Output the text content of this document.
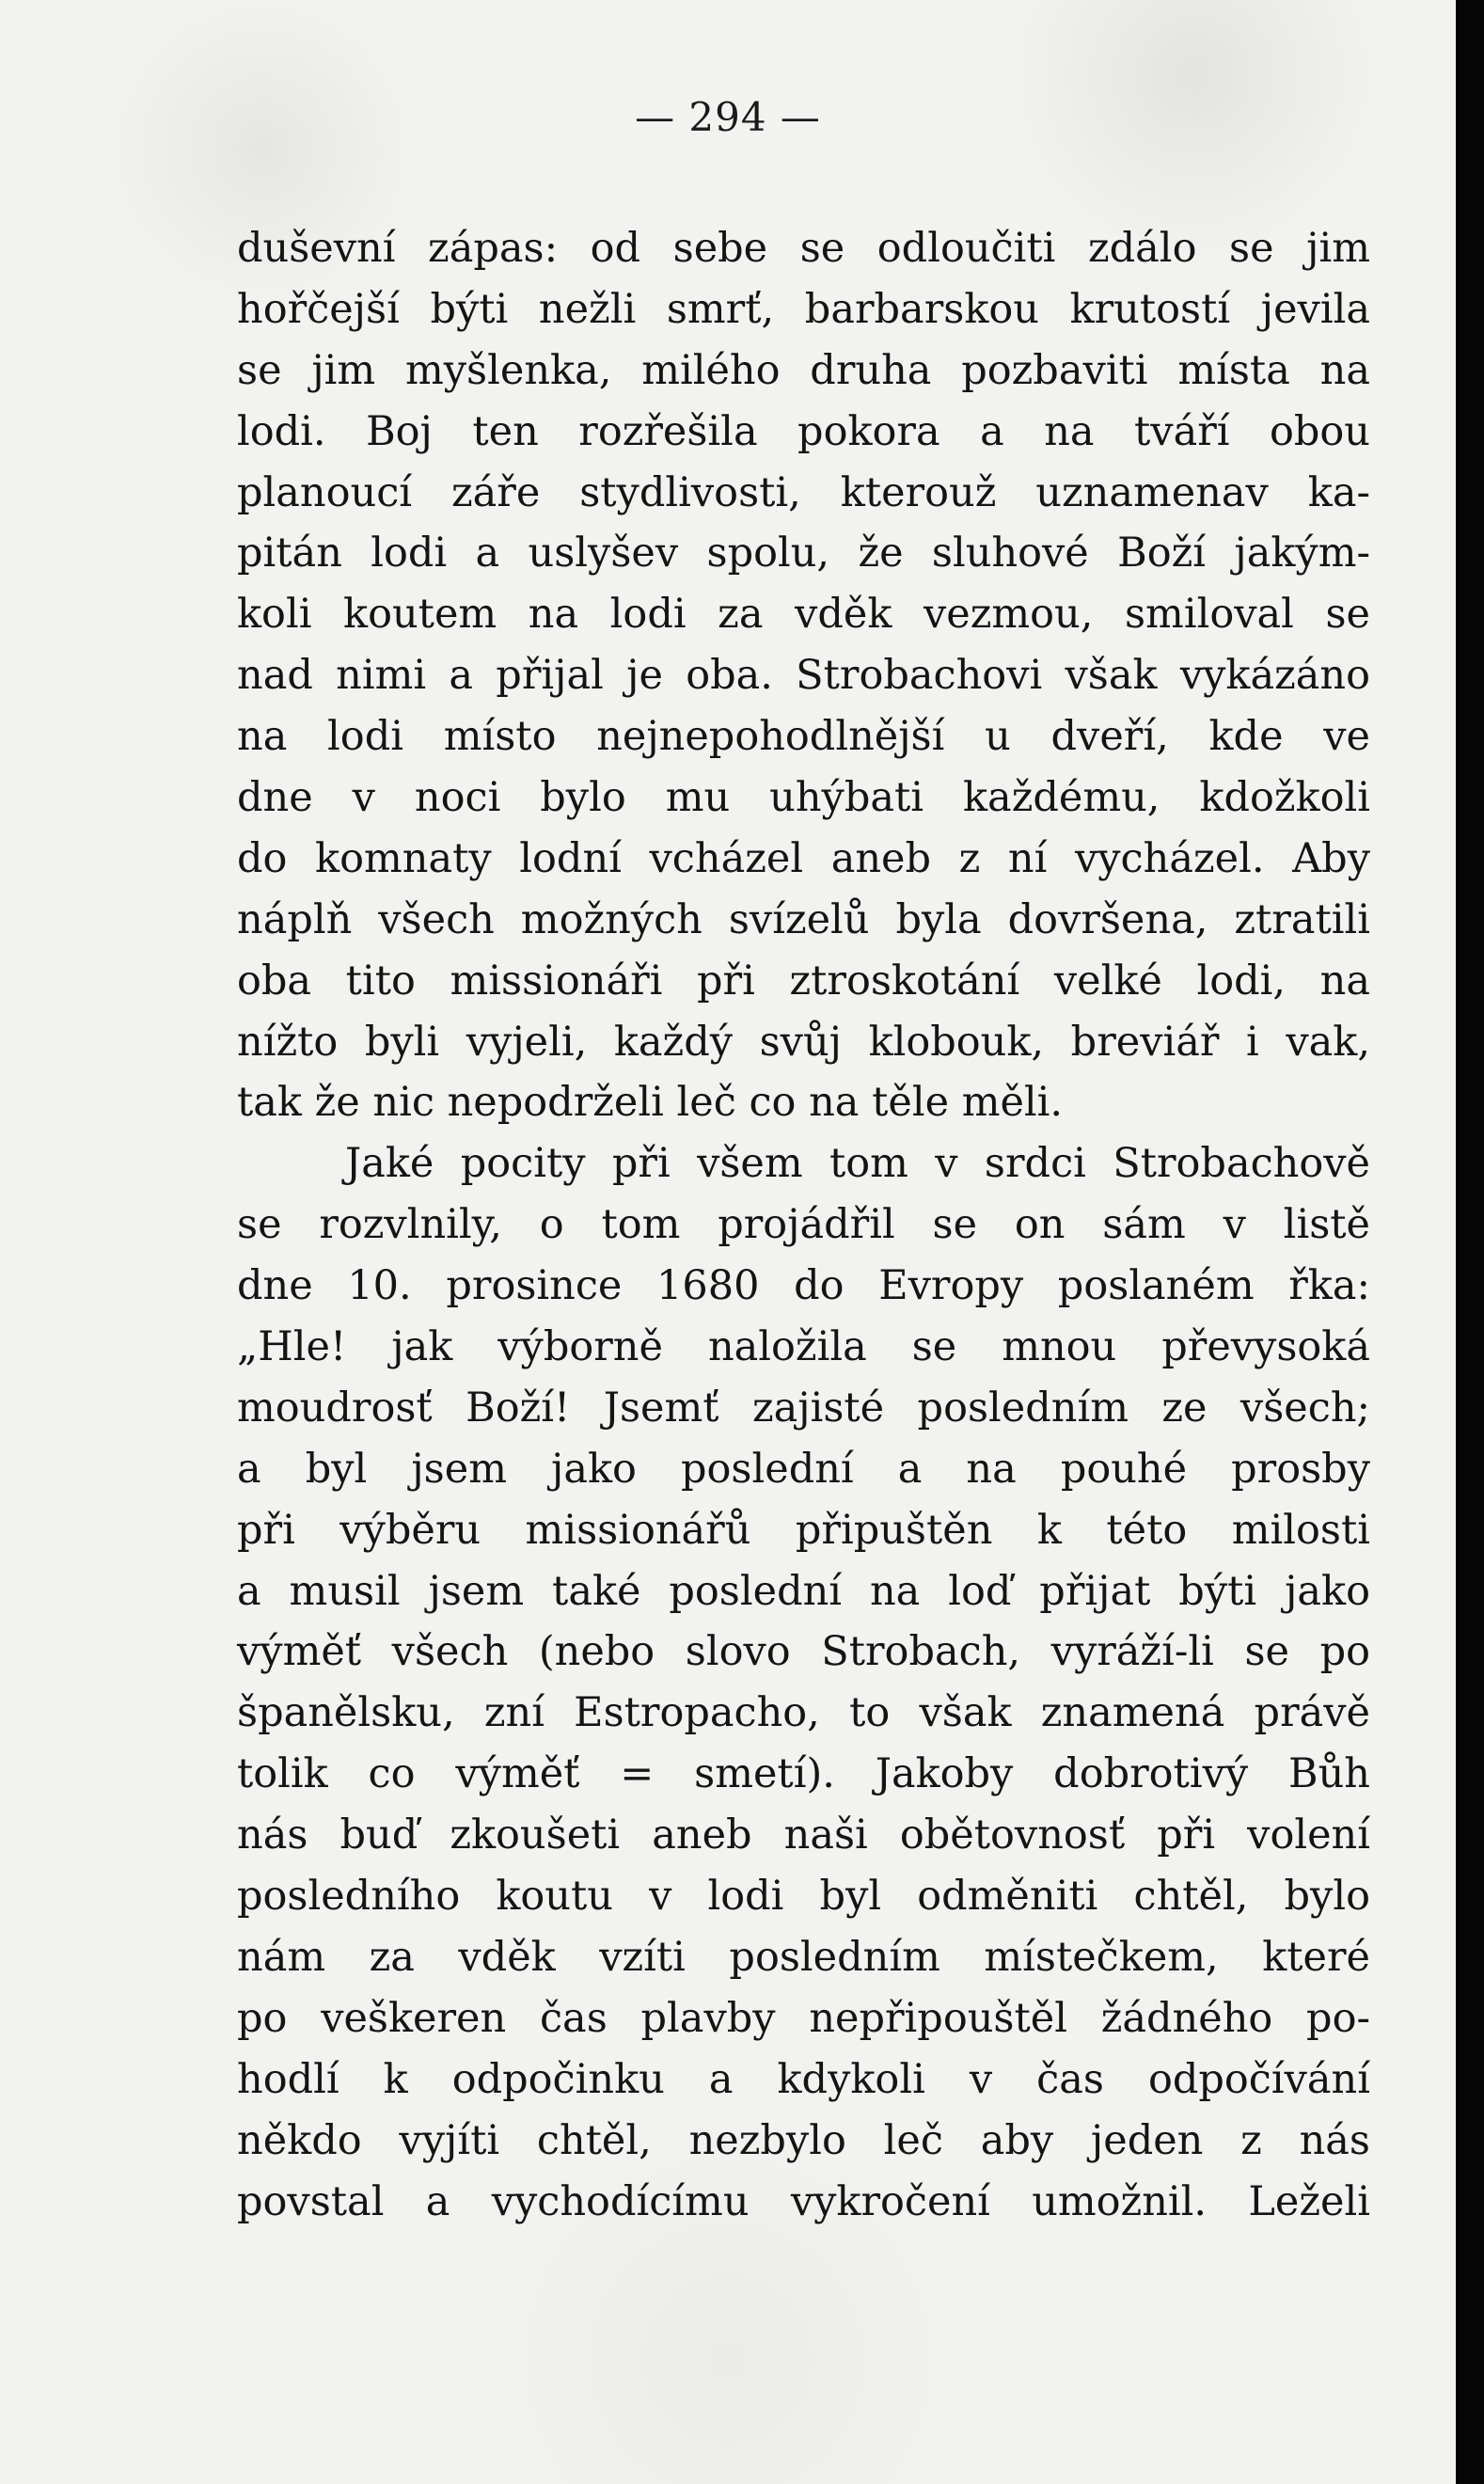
— 294 —
duševní zápas: od sebe se odloučiti zdálo se jim
hořčejší býti nežli smrť, barbarskou krutostí jevila
se jim myšlenka, milého druha pozbaviti místa na
lodi. Boj ten rozřešila pokora a na tváří obou
planoucí záře stydlivosti, kterouž uznamenav ka-
pitán lodi a uslyšev spolu, že sluhové Boží jakým-
koli koutem na lodi za vděk vezmou, smiloval se
nad nimi a přijal je oba. Strobachovi však vykázáno
na lodi místo nejnepohodlnější u dveří, kde ve
dne v noci bylo mu uhýbati každému, kdožkoli
do komnaty lodní vcházel aneb z ní vycházel. Aby
náplň všech možných svízelů byla dovršena, ztratili
oba tito missionáři při ztroskotání velké lodi, na
nížto byli vyjeli, každý svůj klobouk, breviář i vak,
tak že nic nepodrželi leč co na těle měli.
Jaké pocity při všem tom v srdci Strobachově
se rozvlnily, o tom projádřil se on sám v listě
dne 10. prosince 1680 do Evropy poslaném řka:
„Hle! jak výborně naložila se mnou převysoká
moudrosť Boží! Jsemť zajisté posledním ze všech;
a byl jsem jako poslední a na pouhé prosby
při výběru missionářů připuštěn k této milosti
a musil jsem také poslední na loď přijat býti jako
výměť všech (nebo slovo Strobach, vyráží-li se po
španělsku, zní Estropacho, to však znamená právě
tolik co výměť = smetí). Jakoby dobrotivý Bůh
nás buď zkoušeti aneb naši obětovnosť při volení
posledního koutu v lodi byl odměniti chtěl, bylo
nám za vděk vzíti posledním místečkem, které
po veškeren čas plavby nepřipouštěl žádného po-
hodlí k odpočinku a kdykoli v čas odpočívání
někdo vyjíti chtěl, nezbylo leč aby jeden z nás
povstal a vychodícímu vykročení umožnil. Leželi
